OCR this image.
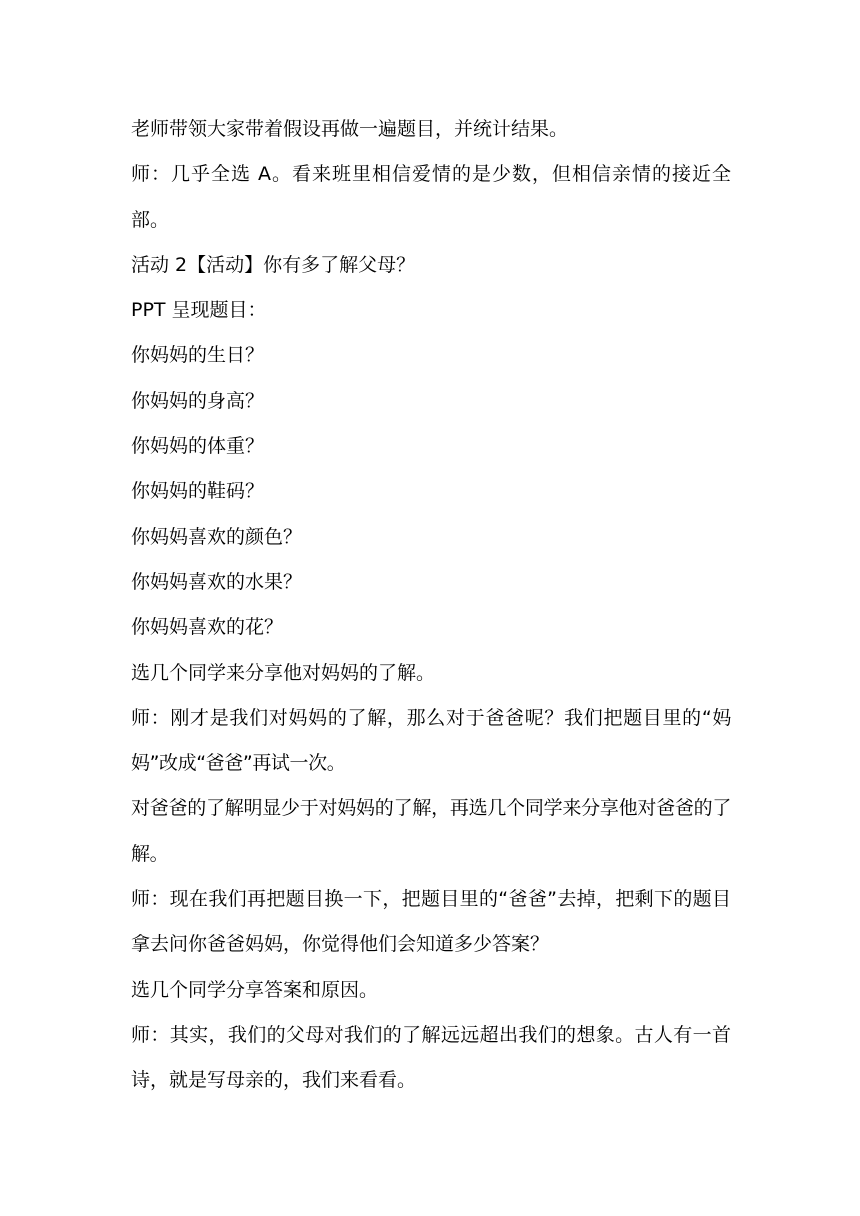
老师带领大家带着假设再做一遍题目，并统计结果。

师：几乎全选 A。看来班里相信爱情的是少数，但相信亲情的接近全部。

活动 2【活动】你有多了解父母？

PPT 呈现题目：

你妈妈的生日？

你妈妈的身高？

你妈妈的体重？

你妈妈的鞋码？

你妈妈喜欢的颜色？

你妈妈喜欢的水果？

你妈妈喜欢的花？

选几个同学来分享他对妈妈的了解。

师：刚才是我们对妈妈的了解，那么对于爸爸呢？我们把题目里的“妈妈”改成“爸爸”再试一次。

对爸爸的了解明显少于对妈妈的了解，再选几个同学来分享他对爸爸的了解。

师：现在我们再把题目换一下，把题目里的“爸爸”去掉，把剩下的题目拿去问你爸爸妈妈，你觉得他们会知道多少答案？

选几个同学分享答案和原因。

师：其实，我们的父母对我们的了解远远超出我们的想象。古人有一首诗，就是写母亲的，我们来看看。
